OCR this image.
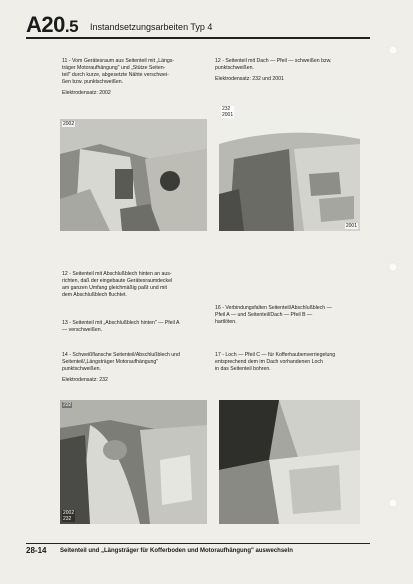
A20.5 Instandsetzungsarbeiten Typ 4

11 - Vom Gerätesraum aus Seitenteil mit „Längs-
träger Motoraufhängung" und „Stütze Seiten-
teil" durch kurze, abgesetzte Nähte verschwei-
ßen bzw. punktschweißen.

Elektrodensatz: 2002

12 - Seitenteil mit Dach — Pfeil — schweißen bzw.
punktschweißen.

Elektrodensatz: 232 und 2001

2002
232
2001
2001

12 - Seitenteil mit Abschlußblech hinten an aus-
richten, daß der eingebaute Gerätesraumdeckel
am ganzen Umfang gleichmäßig paßt und mit
dem Abschlußblech fluchtet.

13 - Seitenteil mit „Abschlußblech hinten" — Pfeil A
— verschweißen.

16 - Verbindungsfalten Seitenteil/Abschlußblech —
Pfeil A — und Seitenteil/Dach — Pfeil B —
hartlöten.

14 - Schweißflansche Seitenteil/Abschlußblech und
Seitenteil/„Längsträger Motoraufhängung"
punktschweißen.

Elektrodensatz: 232

17 - Loch — Pfeil C — für Kofferhaubenverriegelung
entsprechend dem im Dach vorhandenen Loch
in das Seitenteil bohren.

232
2002
232
28-14 Seitenteil und „Längsträger für Kofferboden und Motoraufhängung" auswechseln
